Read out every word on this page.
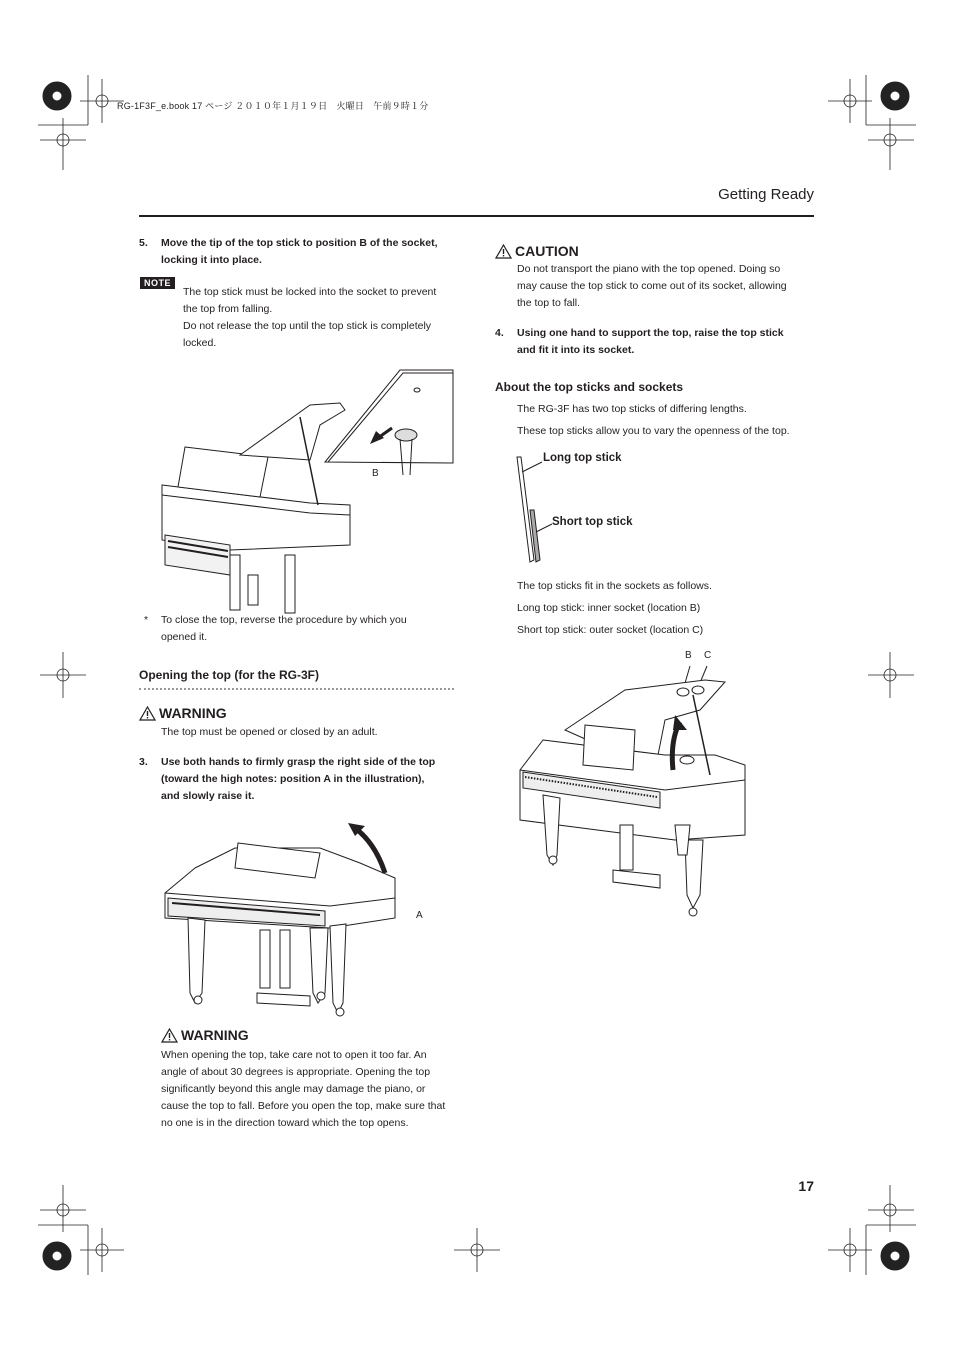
RG-1F3F_e.book 17 ページ ２０１０年１月１９日　火曜日　午前９時１分
Getting Ready
5. Move the tip of the top stick to position B of the socket,
locking it into place.
NOTE
The top stick must be locked into the socket to prevent
the top from falling.
Do not release the top until the top stick is completely
locked.
B
*	To close the top, reverse the procedure by which you
opened it.
Opening the top (for the RG-3F)
WARNING
The top must be opened or closed by an adult.
3. Use both hands to firmly grasp the right side of the top
(toward the high notes: position A in the illustration),
and slowly raise it.
A
WARNING
When opening the top, take care not to open it too far. An
angle of about 30 degrees is appropriate. Opening the top
significantly beyond this angle may damage the piano, or
cause the top to fall. Before you open the top, make sure that
no one is in the direction toward which the top opens.
CAUTION
Do not transport the piano with the top opened. Doing so
may cause the top stick to come out of its socket, allowing
the top to fall.
4. Using one hand to support the top, raise the top stick
and fit it into its socket.
About the top sticks and sockets
The RG-3F has two top sticks of differing lengths.
These top sticks allow you to vary the openness of the top.
Long top stick
Short top stick
The top sticks fit in the sockets as follows.
Long top stick: inner socket (location B)
Short top stick: outer socket (location C)
B C
17
